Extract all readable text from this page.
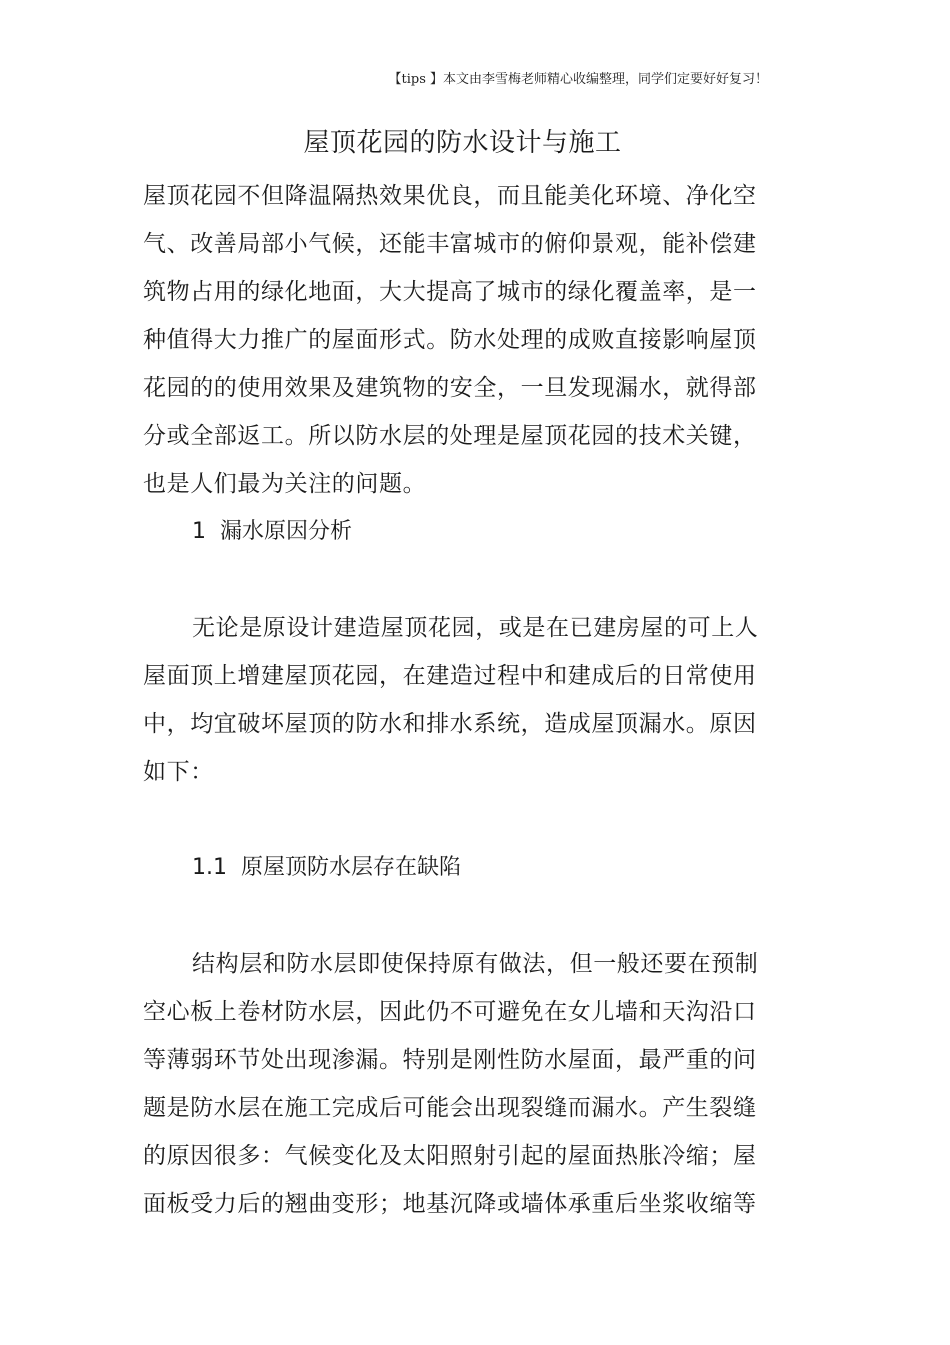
【tips 】本文由李雪梅老师精心收编整理，同学们定要好好复习！
屋顶花园的防水设计与施工
屋顶花园不但降温隔热效果优良，而且能美化环境、净化空
气、改善局部小气候，还能丰富城市的俯仰景观，能补偿建
筑物占用的绿化地面，大大提高了城市的绿化覆盖率，是一
种值得大力推广的屋面形式。防水处理的成败直接影响屋顶
花园的的使用效果及建筑物的安全，一旦发现漏水，就得部
分或全部返工。所以防水层的处理是屋顶花园的技术关键，
也是人们最为关注的问题。
1 漏水原因分析
无论是原设计建造屋顶花园，或是在已建房屋的可上人
屋面顶上增建屋顶花园，在建造过程中和建成后的日常使用
中，均宜破坏屋顶的防水和排水系统，造成屋顶漏水。原因
如下：
1.1 原屋顶防水层存在缺陷
结构层和防水层即使保持原有做法，但一般还要在预制
空心板上卷材防水层，因此仍不可避免在女儿墙和天沟沿口
等薄弱环节处出现渗漏。特别是刚性防水屋面，最严重的问
题是防水层在施工完成后可能会出现裂缝而漏水。产生裂缝
的原因很多：气候变化及太阳照射引起的屋面热胀冷缩；屋
面板受力后的翘曲变形；地基沉降或墙体承重后坐浆收缩等
